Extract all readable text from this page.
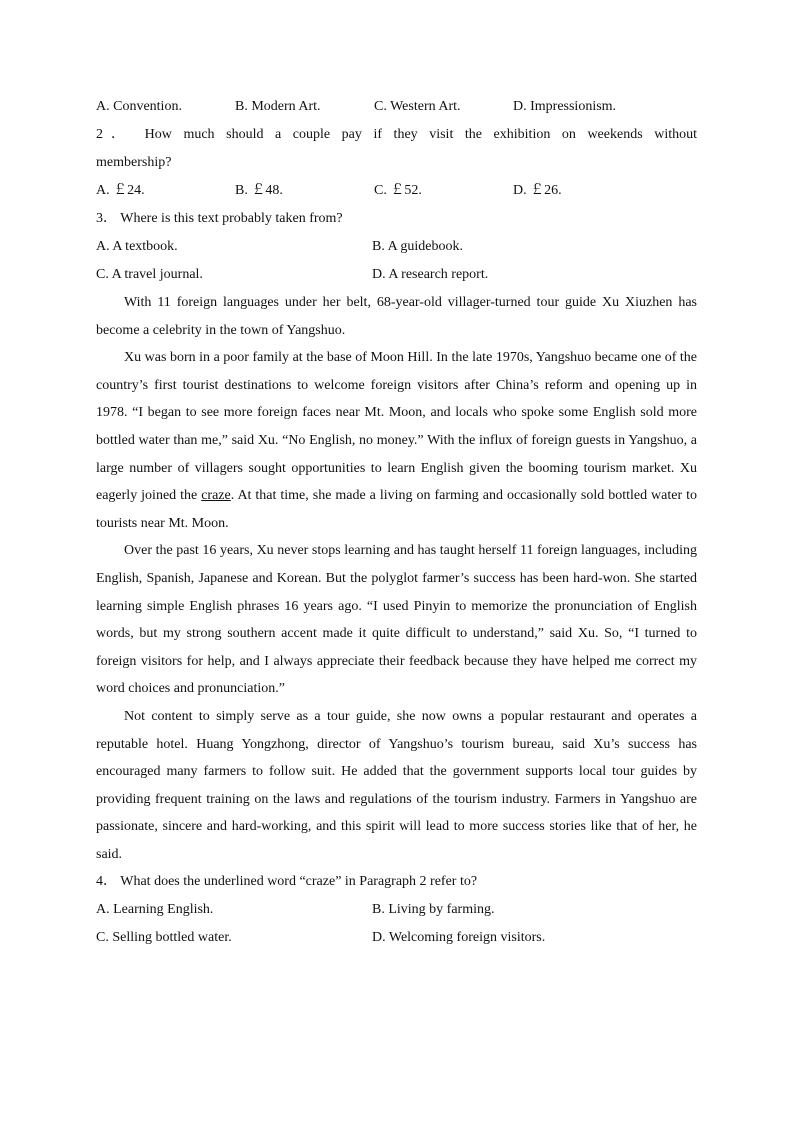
A. Convention.	B. Modern Art.	C. Western Art.	D. Impressionism.
2． How much should a couple pay if they visit the exhibition on weekends without
membership?
A. ￡24.	B. ￡48.	C. ￡52.	D. ￡26.
3． Where is this text probably taken from?
A. A textbook.	B. A guidebook.
C. A travel journal.	D. A research report.

With 11 foreign languages under her belt, 68-year-old villager-turned tour guide Xu Xiuzhen has become a celebrity in the town of Yangshuo.

Xu was born in a poor family at the base of Moon Hill. In the late 1970s, Yangshuo became one of the country’s first tourist destinations to welcome foreign visitors after China’s reform and opening up in 1978. “I began to see more foreign faces near Mt. Moon, and locals who spoke some English sold more bottled water than me,” said Xu. “No English, no money.” With the influx of foreign guests in Yangshuo, a large number of villagers sought opportunities to learn English given the booming tourism market. Xu eagerly joined the craze. At that time, she made a living on farming and occasionally sold bottled water to tourists near Mt. Moon.

Over the past 16 years, Xu never stops learning and has taught herself 11 foreign languages, including English, Spanish, Japanese and Korean. But the polyglot farmer’s success has been hard-won. She started learning simple English phrases 16 years ago. “I used Pinyin to memorize the pronunciation of English words, but my strong southern accent made it quite difficult to understand,” said Xu. So, “I turned to foreign visitors for help, and I always appreciate their feedback because they have helped me correct my word choices and pronunciation.”

Not content to simply serve as a tour guide, she now owns a popular restaurant and operates a reputable hotel. Huang Yongzhong, director of Yangshuo’s tourism bureau, said Xu’s success has encouraged many farmers to follow suit. He added that the government supports local tour guides by providing frequent training on the laws and regulations of the tourism industry. Farmers in Yangshuo are passionate, sincere and hard-working, and this spirit will lead to more success stories like that of her, he said.

4． What does the underlined word “craze” in Paragraph 2 refer to?
A. Learning English.	B. Living by farming.
C. Selling bottled water.	D. Welcoming foreign visitors.
